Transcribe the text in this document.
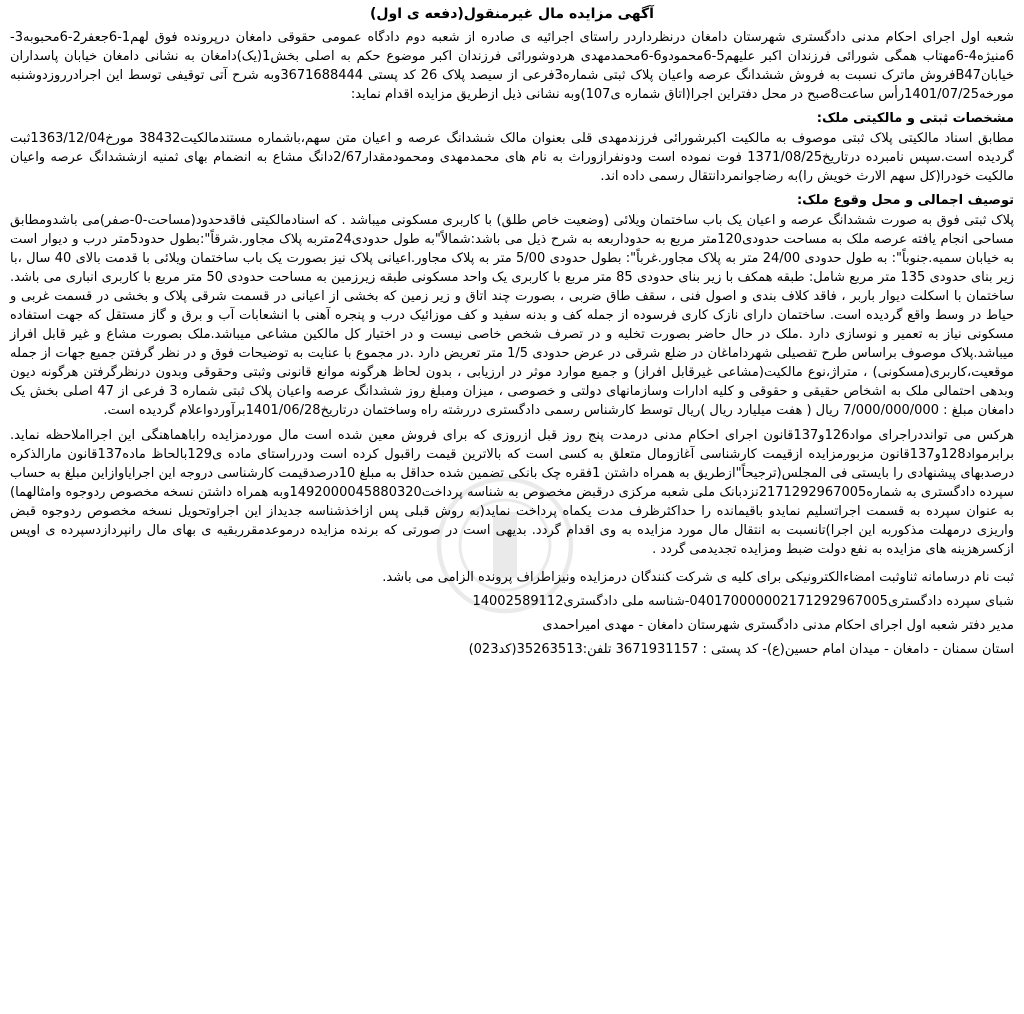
آگهی مزایده مال غیرمنقول(دفعه ی اول)

شعبه اول اجرای احکام مدنی دادگستری شهرستان دامغان درنظرداردر راستای اجرائیه ی صادره از شعبه دوم دادگاه عمومی حقوقی دامغان درپرونده فوق لهم1-6جعفر2-6محبوبه3-6منیژه4-6مهتاب همگی شورائی فرزندان اکبر علیهم5-6محمودو6-6محمدمهدی هردوشورائی فرزندان اکبر موضوع حکم به اصلی بخش1(یک)دامغان به نشانی دامغان خیابان پاسداران خیابانB47فروش ماترک نسبت به فروش ششدانگ عرصه واعیان پلاک ثبتی شماره3فرعی از سیصد پلاک 26 کد پستی 3671688444وبه شرح آتی توقیفی توسط این اجرادرروزدوشنبه مورخه1401/07/25رأس ساعت8صبح در محل دفتراین اجرا(اتاق شماره ی107)وبه نشانی ذیل ازطریق مزایده اقدام نماید:

مشخصات ثبتی و مالکیتی ملک:

مطابق اسناد مالکیتی پلاک ثبتی موصوف به مالکیت اکبرشورائی فرزندمهدی قلی بعنوان مالک ششدانگ عرصه و اعیان متن سهم،باشماره مستندمالکیت38432 مورخ1363/12/04ثبت گردیده است.سپس نامبرده درتاریخ1371/08/25 فوت نموده است ودونفرازوراث به نام های محمدمهدی ومحمودمقدار2/67دانگ مشاع به انضمام بهای ثمنیه ازششدانگ عرصه واعیان مالکیت خودرا(کل سهم الارث خویش را)به رضاجوانمردانتقال رسمی داده اند.

توصیف اجمالی و محل وقوع ملک:

پلاک ثبتی فوق به صورت ششدانگ عرصه و اعیان یک باب ساختمان ویلائی (وضعیت خاص طلق) با کاربری مسکونی میباشد . که اسنادمالکیتی فاقدحدود(مساحت-0-صفر)می باشدومطابق مساحی انجام یافته عرصه ملک به مساحت حدودی120متر مربع به حدوداربعه به شرح ذیل می باشد:شمالاً"به طول حدودی24متربه پلاک مجاور.شرقاً":بطول حدود5متر درب و دیوار است به خیابان سمیه.جنوباً": به طول حدودی 24/00 متر به پلاک مجاور.غرباً": بطول حدودی 5/00 متر به پلاک مجاور.اعیانی پلاک نیز بصورت یک باب ساختمان ویلائی با قدمت بالای 40 سال ،با زیر بنای حدودی 135 متر مربع شامل: طبقه همکف با زیر بنای حدودی 85 متر مربع با کاربری یک واحد مسکونی طبقه زیرزمین به مساحت حدودی 50 متر مربع با کاربری انباری می باشد. ساختمان با اسکلت دیوار باربر ، فاقد کلاف بندی و اصول فنی ، سقف طاق ضربی ، بصورت چند اتاق و زیر زمین که بخشی از اعیانی در قسمت شرقی پلاک و بخشی در قسمت غربی و حیاط در وسط واقع گردیده است. ساختمان دارای نازک کاری فرسوده از جمله کف و بدنه سفید و کف موزائیک درب و پنجره آهنی با انشعابات آب و برق و گاز مستقل که جهت استفاده مسکونی نیاز به تعمیر و نوسازی دارد .ملک در حال حاضر بصورت تخلیه و در تصرف شخص خاصی نیست و در اختیار کل مالکین مشاعی میباشد.ملک بصورت مشاع و غیر قابل افراز میباشد.پلاک موصوف براساس طرح تفصیلی شهرداماغان در ضلع شرقی در عرض حدودی 1/5 متر تعریض دارد .در مجموع با عنایت به توضیحات فوق و در نظر گرفتن جمیع جهات از جمله موقعیت،کاربری(مسکونی) ، متراژ،نوع مالکیت(مشاعی غیرقابل افراز) و جمیع موارد موثر در ارزیابی ، بدون لحاظ هرگونه موانع قانونی وثبتی وحقوقی وبدون درنظرگرفتن هرگونه دیون وبدهی احتمالی ملک به اشخاص حقیقی و حقوقی و کلیه ادارات وسازمانهای دولتی و خصوصی ، میزان ومبلغ روز ششدانگ عرصه واعیان پلاک ثبتی شماره 3 فرعی از 47 اصلی بخش یک دامغان مبلغ : 7/000/000/000 ریال ( هفت میلیارد ریال )ریال توسط کارشناس رسمی دادگستری دررشته راه وساختمان درتاریخ1401/06/28برآوردواعلام گردیده است.

هرکس می توانددراجرای مواد126و137قانون اجرای احکام مدنی درمدت پنج روز قبل ازروزی که برای فروش معین شده است مال موردمزایده راباهماهنگی این اجرااملاحظه نماید. برابرمواد128و137قانون مزبورمزایده ازقیمت کارشناسی آغازومال متعلق به کسی است که بالاترین قیمت راقبول کرده است ودرراستای ماده ی129بالحاظ ماده137قانون مارالذکره درصدبهای پیشنهادی را بایستی فی المجلس(ترجیحاً"ازطریق به همراه داشتن 1فقره چک بانکی تضمین شده حداقل به مبلغ 10درصدقیمت کارشناسی دروجه این اجرایاوازاین مبلغ به حساب سپرده دادگستری به شماره2171292967005نزدبانک ملی شعبه مرکزی درقبض مخصوص به شناسه پرداخت1492000045880320وبه همراه داشتن نسخه مخصوص ردوجوه وامثالهما) به عنوان سپرده به قسمت اجراتسلیم نمایدو باقیمانده را حداکثرظرف مدت یکماه پرداخت نماید(به روش قبلی پس ازاخذشناسه جدیداز این اجراوتحویل نسخه مخصوص ردوجوه قبض واریزی درمهلت مذکوربه این اجرا)تانسبت به انتقال مال مورد مزایده به وی اقدام گردد. بدیهی است در صورتی که برنده مزایده درموعدمقرربقیه ی بهای مال رانپردازدسپرده ی اوپس ازکسرهزینه های مزایده به نفع دولت ضبط ومزایده تجدیدمی گردد .

ثبت نام درسامانه ثناوثبت امضاءالکترونیکی برای کلیه ی شرکت کنندگان درمزایده ونیزاطراف پرونده الزامی می باشد.
شبای سپرده دادگستری040170000002171292967005-شناسه ملی دادگستری14002589112
مدیر دفتر شعبه اول اجرای احکام مدنی دادگستری شهرستان دامغان - مهدی امیراحمدی
استان سمنان - دامغان - میدان امام حسین(ع)- کد پستی : 3671931157 تلفن:35263513(کد023)
